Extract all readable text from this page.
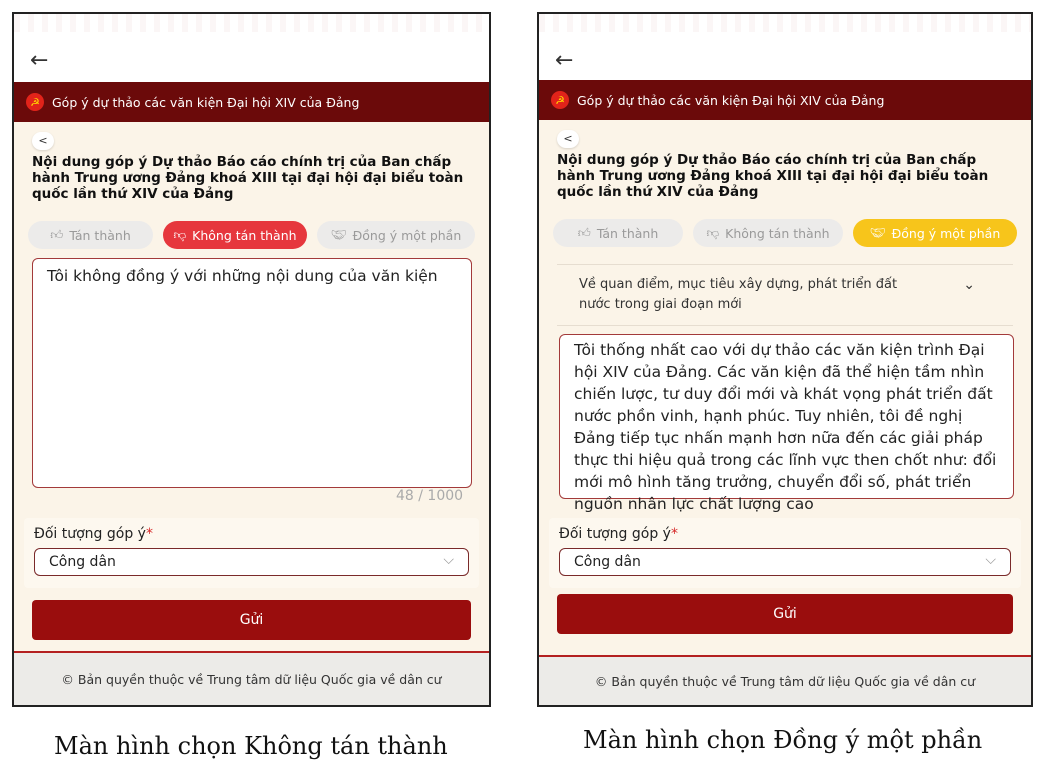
←
☭ Góp ý dự thảo các văn kiện Đại hội XIV của Đảng
<
Nội dung góp ý Dự thảo Báo cáo chính trị của Ban chấp hành Trung ương Đảng khoá XIII tại đại hội đại biểu toàn quốc lần thứ XIV của Đảng
👍︎ Tán thành	👎︎ Không tán thành	🤝︎ Đồng ý một phần
Tôi không đồng ý với những nội dung của văn kiện
48 / 1000
Đối tượng góp ý*
Công dân	⌵
Gửi
© Bản quyền thuộc về Trung tâm dữ liệu Quốc gia về dân cư
←
☭ Góp ý dự thảo các văn kiện Đại hội XIV của Đảng
<
Nội dung góp ý Dự thảo Báo cáo chính trị của Ban chấp hành Trung ương Đảng khoá XIII tại đại hội đại biểu toàn quốc lần thứ XIV của Đảng
👍︎ Tán thành	👎︎ Không tán thành	🤝︎ Đồng ý một phần
Về quan điểm, mục tiêu xây dựng, phát triển đất nước trong giai đoạn mới
⌄
Tôi thống nhất cao với dự thảo các văn kiện trình Đại hội XIV của Đảng. Các văn kiện đã thể hiện tầm nhìn chiến lược, tư duy đổi mới và khát vọng phát triển đất nước phồn vinh, hạnh phúc. Tuy nhiên, tôi đề nghị Đảng tiếp tục nhấn mạnh hơn nữa đến các giải pháp thực thi hiệu quả trong các lĩnh vực then chốt như: đổi mới mô hình tăng trưởng, chuyển đổi số, phát triển nguồn nhân lực chất lượng cao
Đối tượng góp ý*
Công dân	⌵
Gửi
© Bản quyền thuộc về Trung tâm dữ liệu Quốc gia về dân cư
Màn hình chọn Không tán thành	Màn hình chọn Đồng ý một phần
